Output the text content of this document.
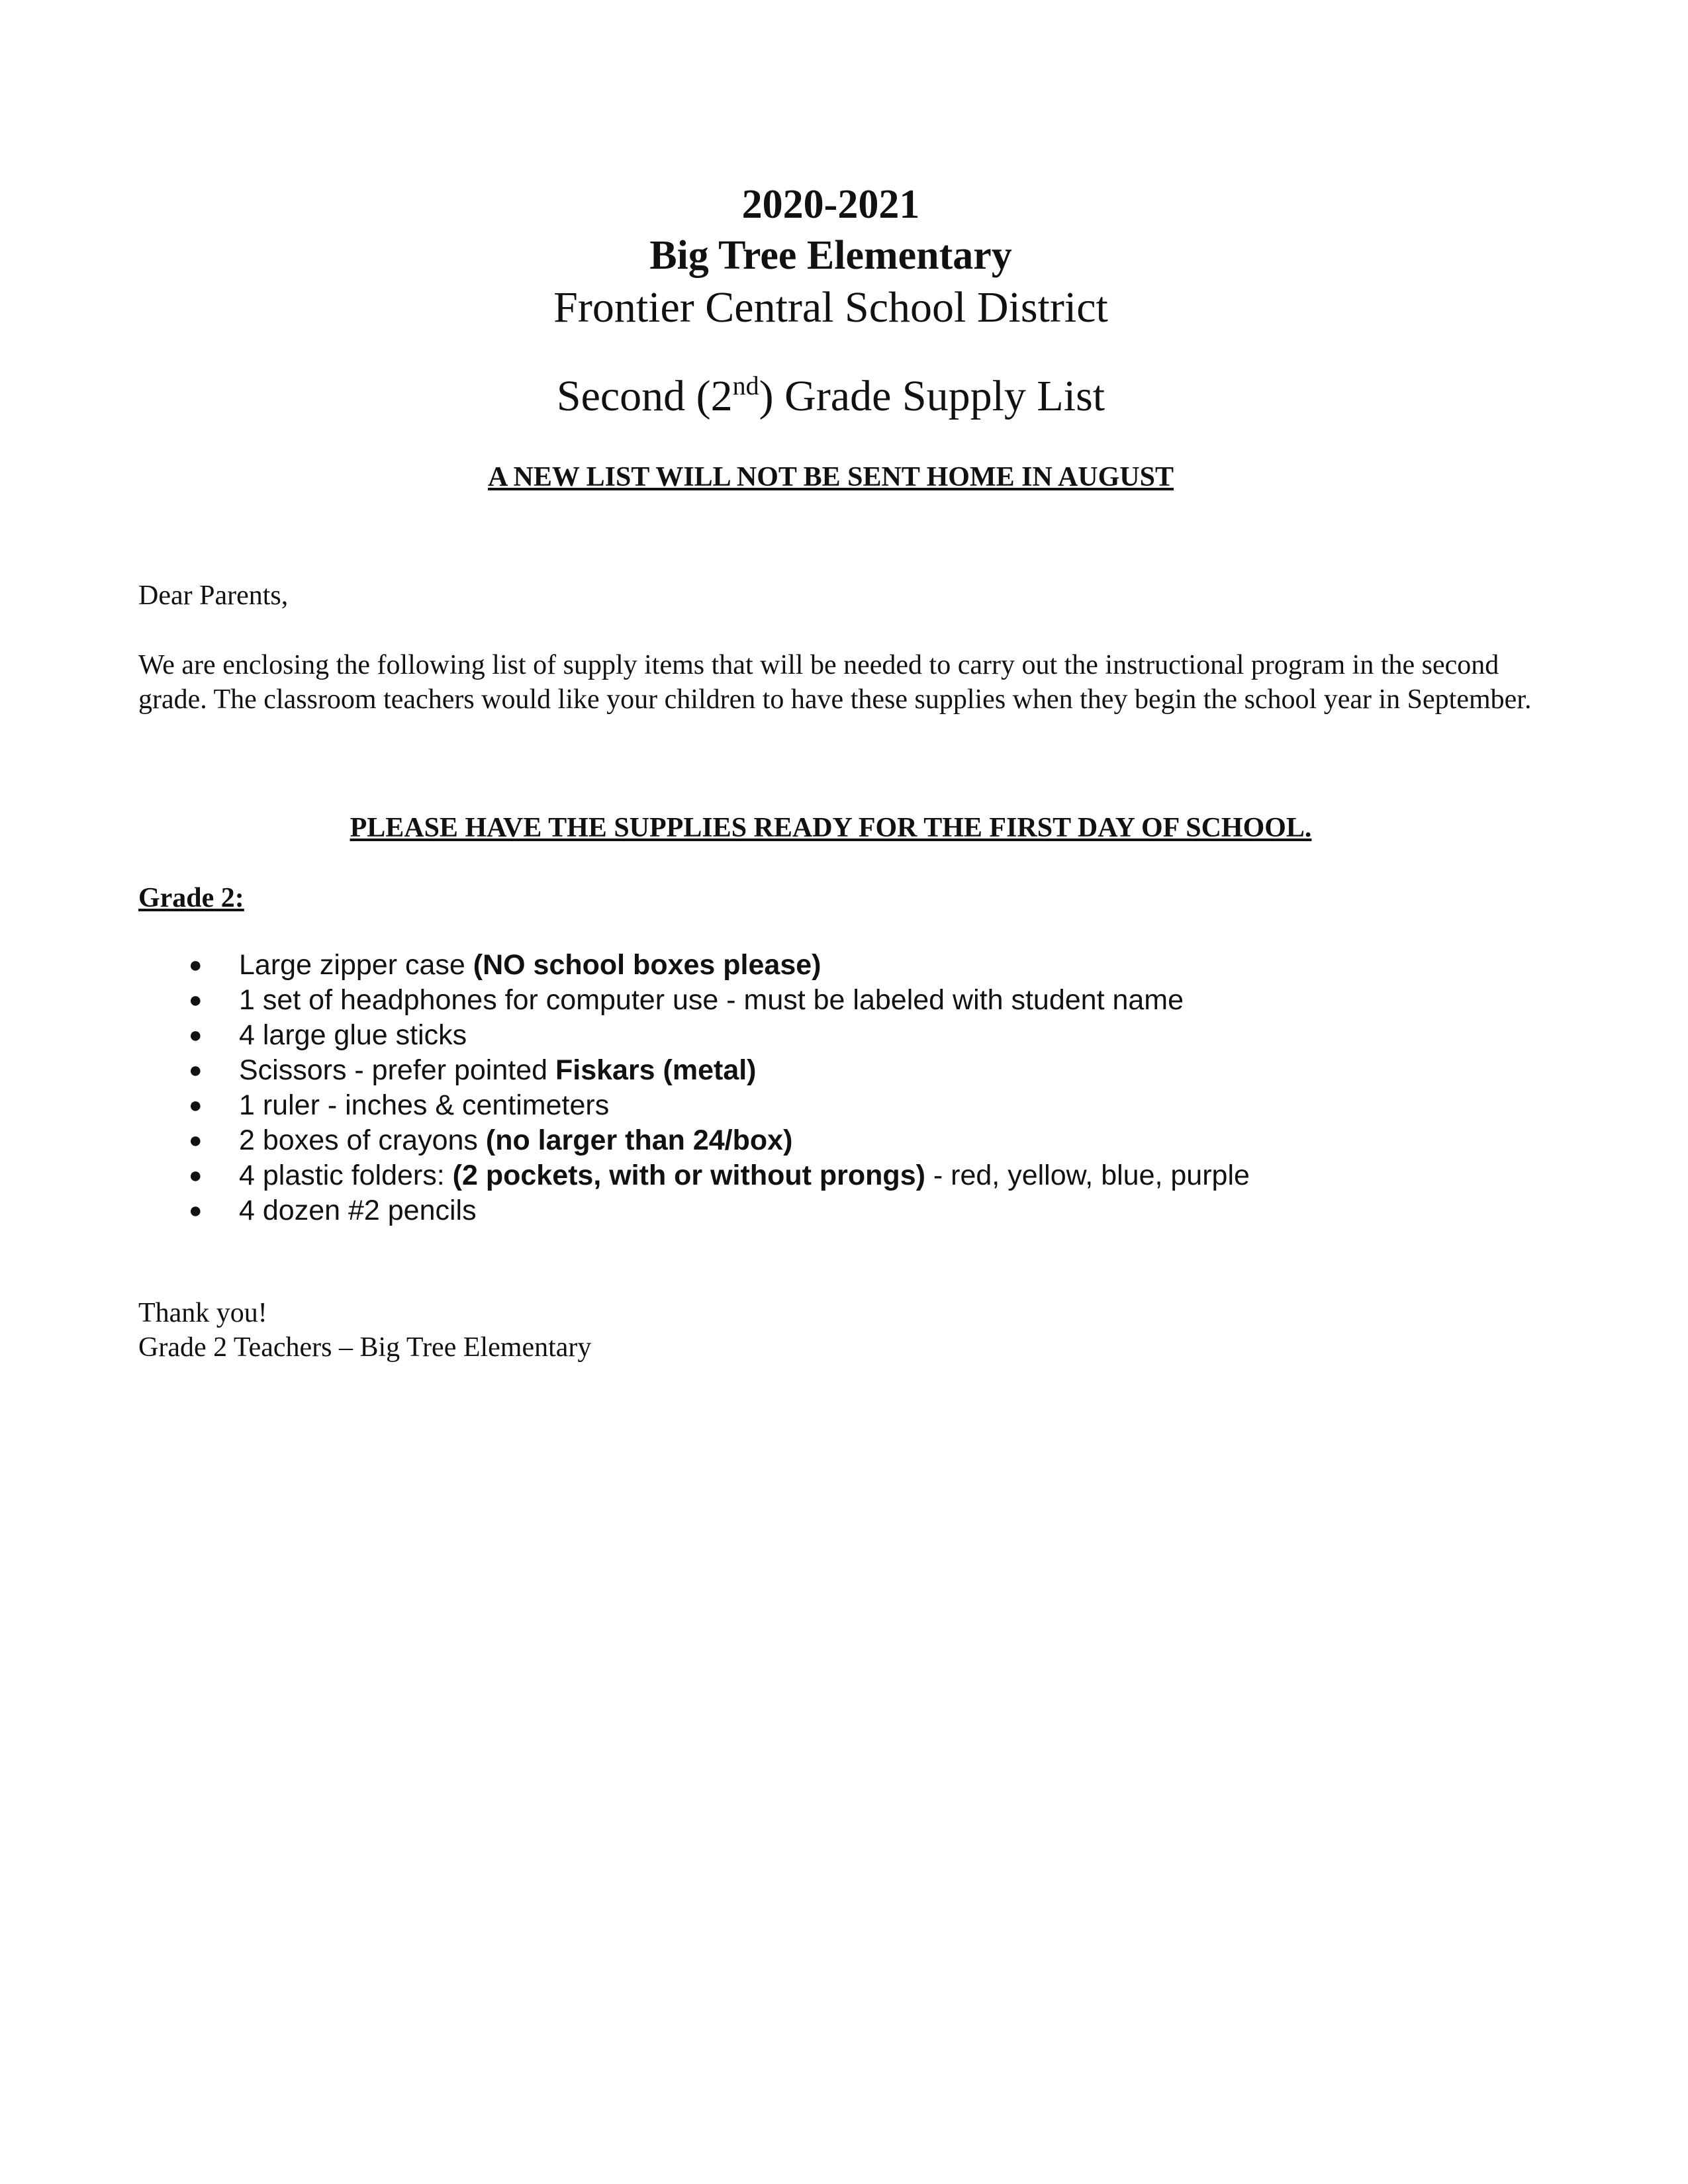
2020-2021
Big Tree Elementary
Frontier Central School District
Second (2nd) Grade Supply List
A NEW LIST WILL NOT BE SENT HOME IN AUGUST
Dear Parents,
We are enclosing the following list of supply items that will be needed to carry out the instructional program in the second grade. The classroom teachers would like your children to have these supplies when they begin the school year in September.
PLEASE HAVE THE SUPPLIES READY FOR THE FIRST DAY OF SCHOOL.
Grade 2:
● Large zipper case (NO school boxes please)
● 1 set of headphones for computer use - must be labeled with student name
● 4 large glue sticks
● Scissors - prefer pointed Fiskars (metal)
● 1 ruler - inches & centimeters
● 2 boxes of crayons (no larger than 24/box)
● 4 plastic folders: (2 pockets, with or without prongs) - red, yellow, blue, purple
● 4 dozen #2 pencils
Thank you!
Grade 2 Teachers – Big Tree Elementary
